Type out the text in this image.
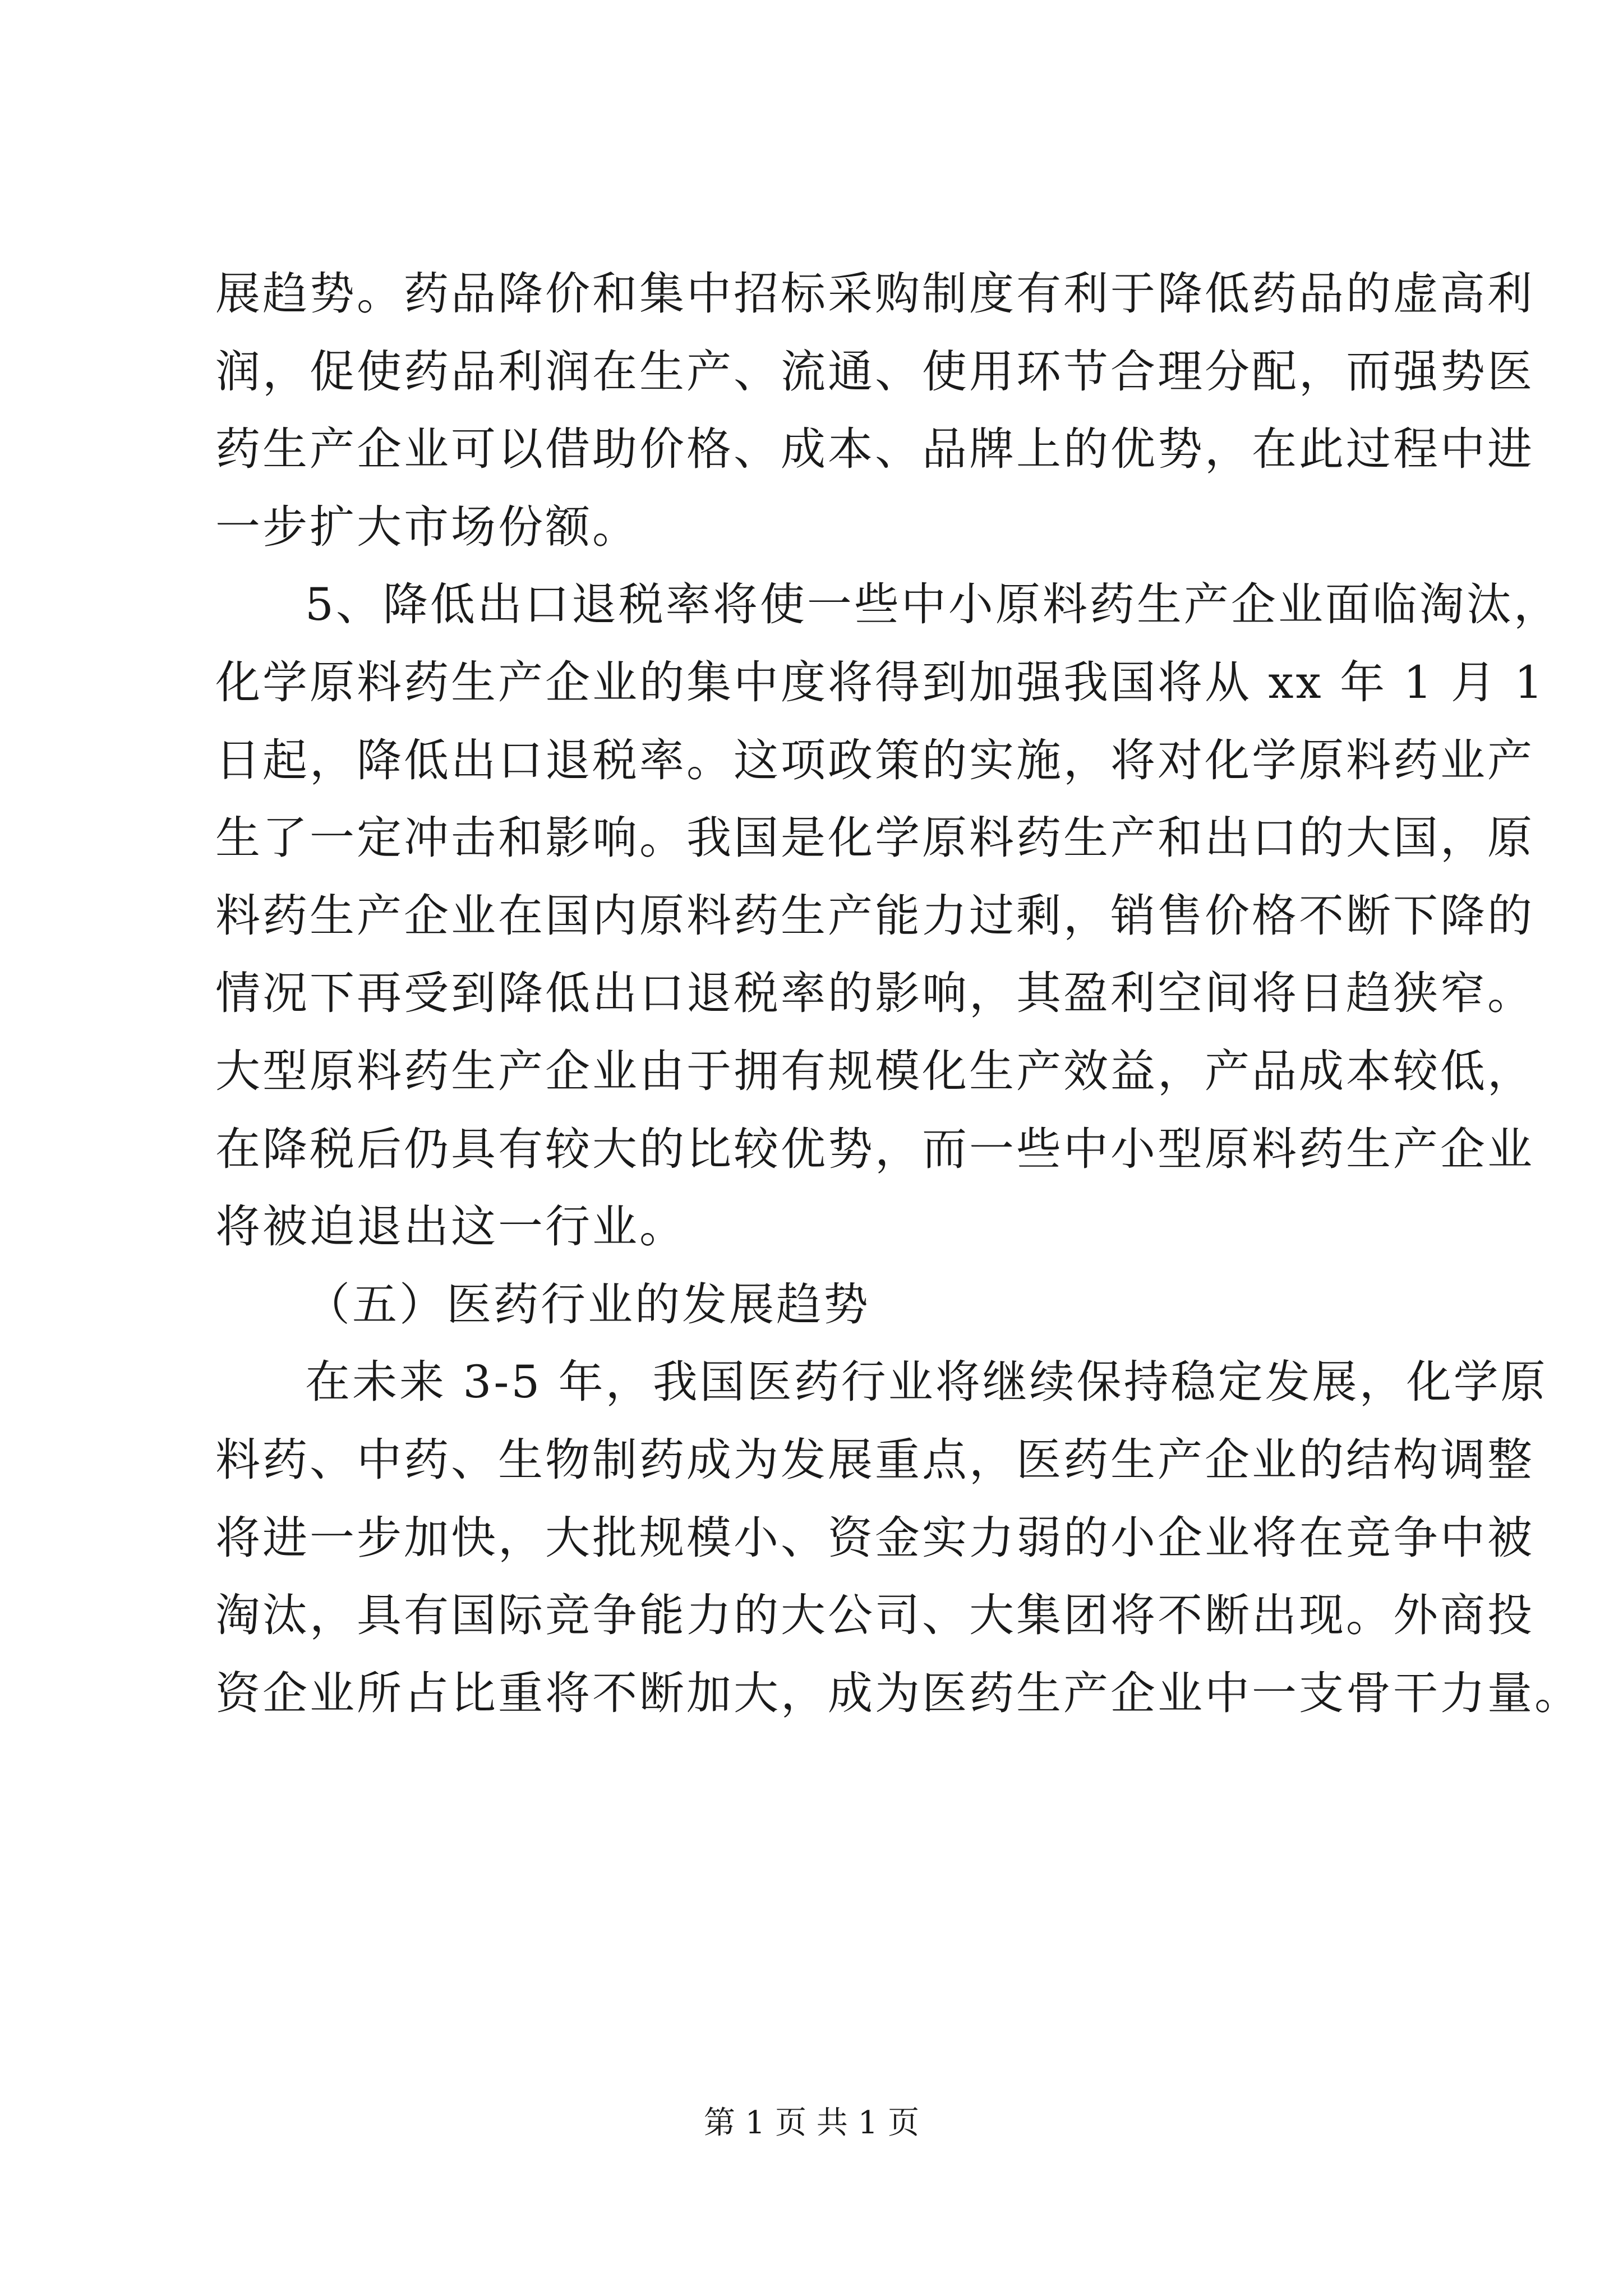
展趋势。药品降价和集中招标采购制度有利于降低药品的虚高利
润，促使药品利润在生产、流通、使用环节合理分配，而强势医
药生产企业可以借助价格、成本、品牌上的优势，在此过程中进
一步扩大市场份额。

5、降低出口退税率将使一些中小原料药生产企业面临淘汰，
化学原料药生产企业的集中度将得到加强我国将从 xx 年 1 月 1
日起，降低出口退税率。这项政策的实施，将对化学原料药业产
生了一定冲击和影响。我国是化学原料药生产和出口的大国，原
料药生产企业在国内原料药生产能力过剩，销售价格不断下降的
情况下再受到降低出口退税率的影响，其盈利空间将日趋狭窄。
大型原料药生产企业由于拥有规模化生产效益，产品成本较低，
在降税后仍具有较大的比较优势，而一些中小型原料药生产企业
将被迫退出这一行业。

（五）医药行业的发展趋势

在未来 3-5 年，我国医药行业将继续保持稳定发展，化学原
料药、中药、生物制药成为发展重点，医药生产企业的结构调整
将进一步加快，大批规模小、资金实力弱的小企业将在竞争中被
淘汰，具有国际竞争能力的大公司、大集团将不断出现。外商投
资企业所占比重将不断加大，成为医药生产企业中一支骨干力量。

第 1 页 共 1 页
